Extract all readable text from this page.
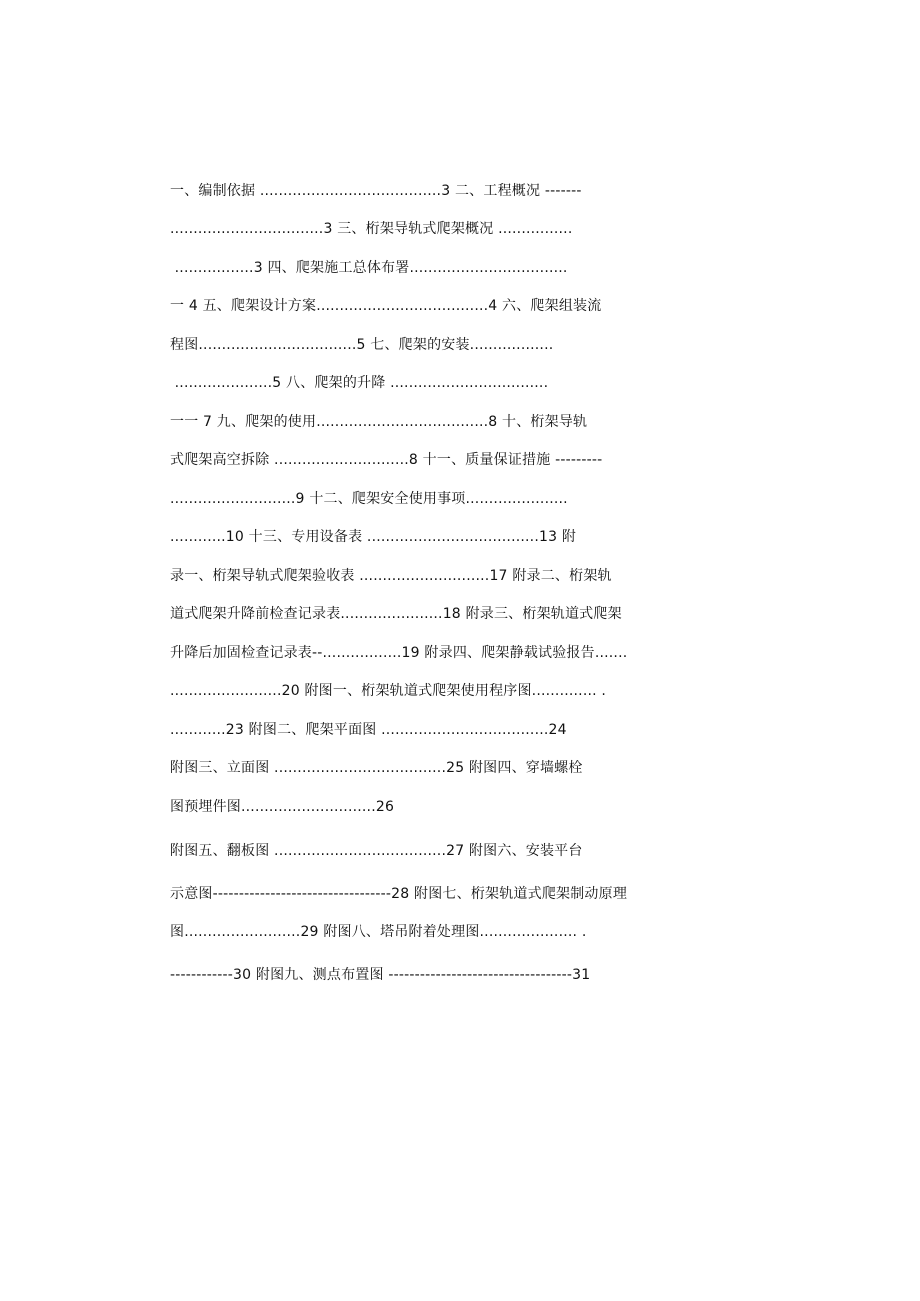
一、编制依据 .......................................3 二、工程概况 -------
.................................3 三、桁架导轨式爬架概况 ................
.................3 四、爬架施工总体布署..................................
一 4 五、爬架设计方案.....................................4 六、爬架组装流
程图..................................5 七、爬架的安装..................
.....................5 八、爬架的升降 ..................................
一一 7 九、爬架的使用.....................................8 十、桁架导轨
式爬架高空拆除 .............................8 十一、质量保证措施 ---------
...........................9 十二、爬架安全使用事项......................
............10 十三、专用设备表 .....................................13 附
录一、桁架导轨式爬架验收表 ............................17 附录二、桁架轨
道式爬架升降前检查记录表......................18 附录三、桁架轨道式爬架
升降后加固检查记录表--.................19 附录四、爬架静载试验报告.......
........................20 附图一、桁架轨道式爬架使用程序图.............. .
............23 附图二、爬架平面图 ....................................24
附图三、立面图 .....................................25 附图四、穿墙螺栓
图预埋件图.............................26
附图五、翻板图 .....................................27 附图六、安装平台
示意图----------------------------------28 附图七、桁架轨道式爬架制动原理
图.........................29 附图八、塔吊附着处理图..................... .
------------30 附图九、测点布置图 -----------------------------------31
